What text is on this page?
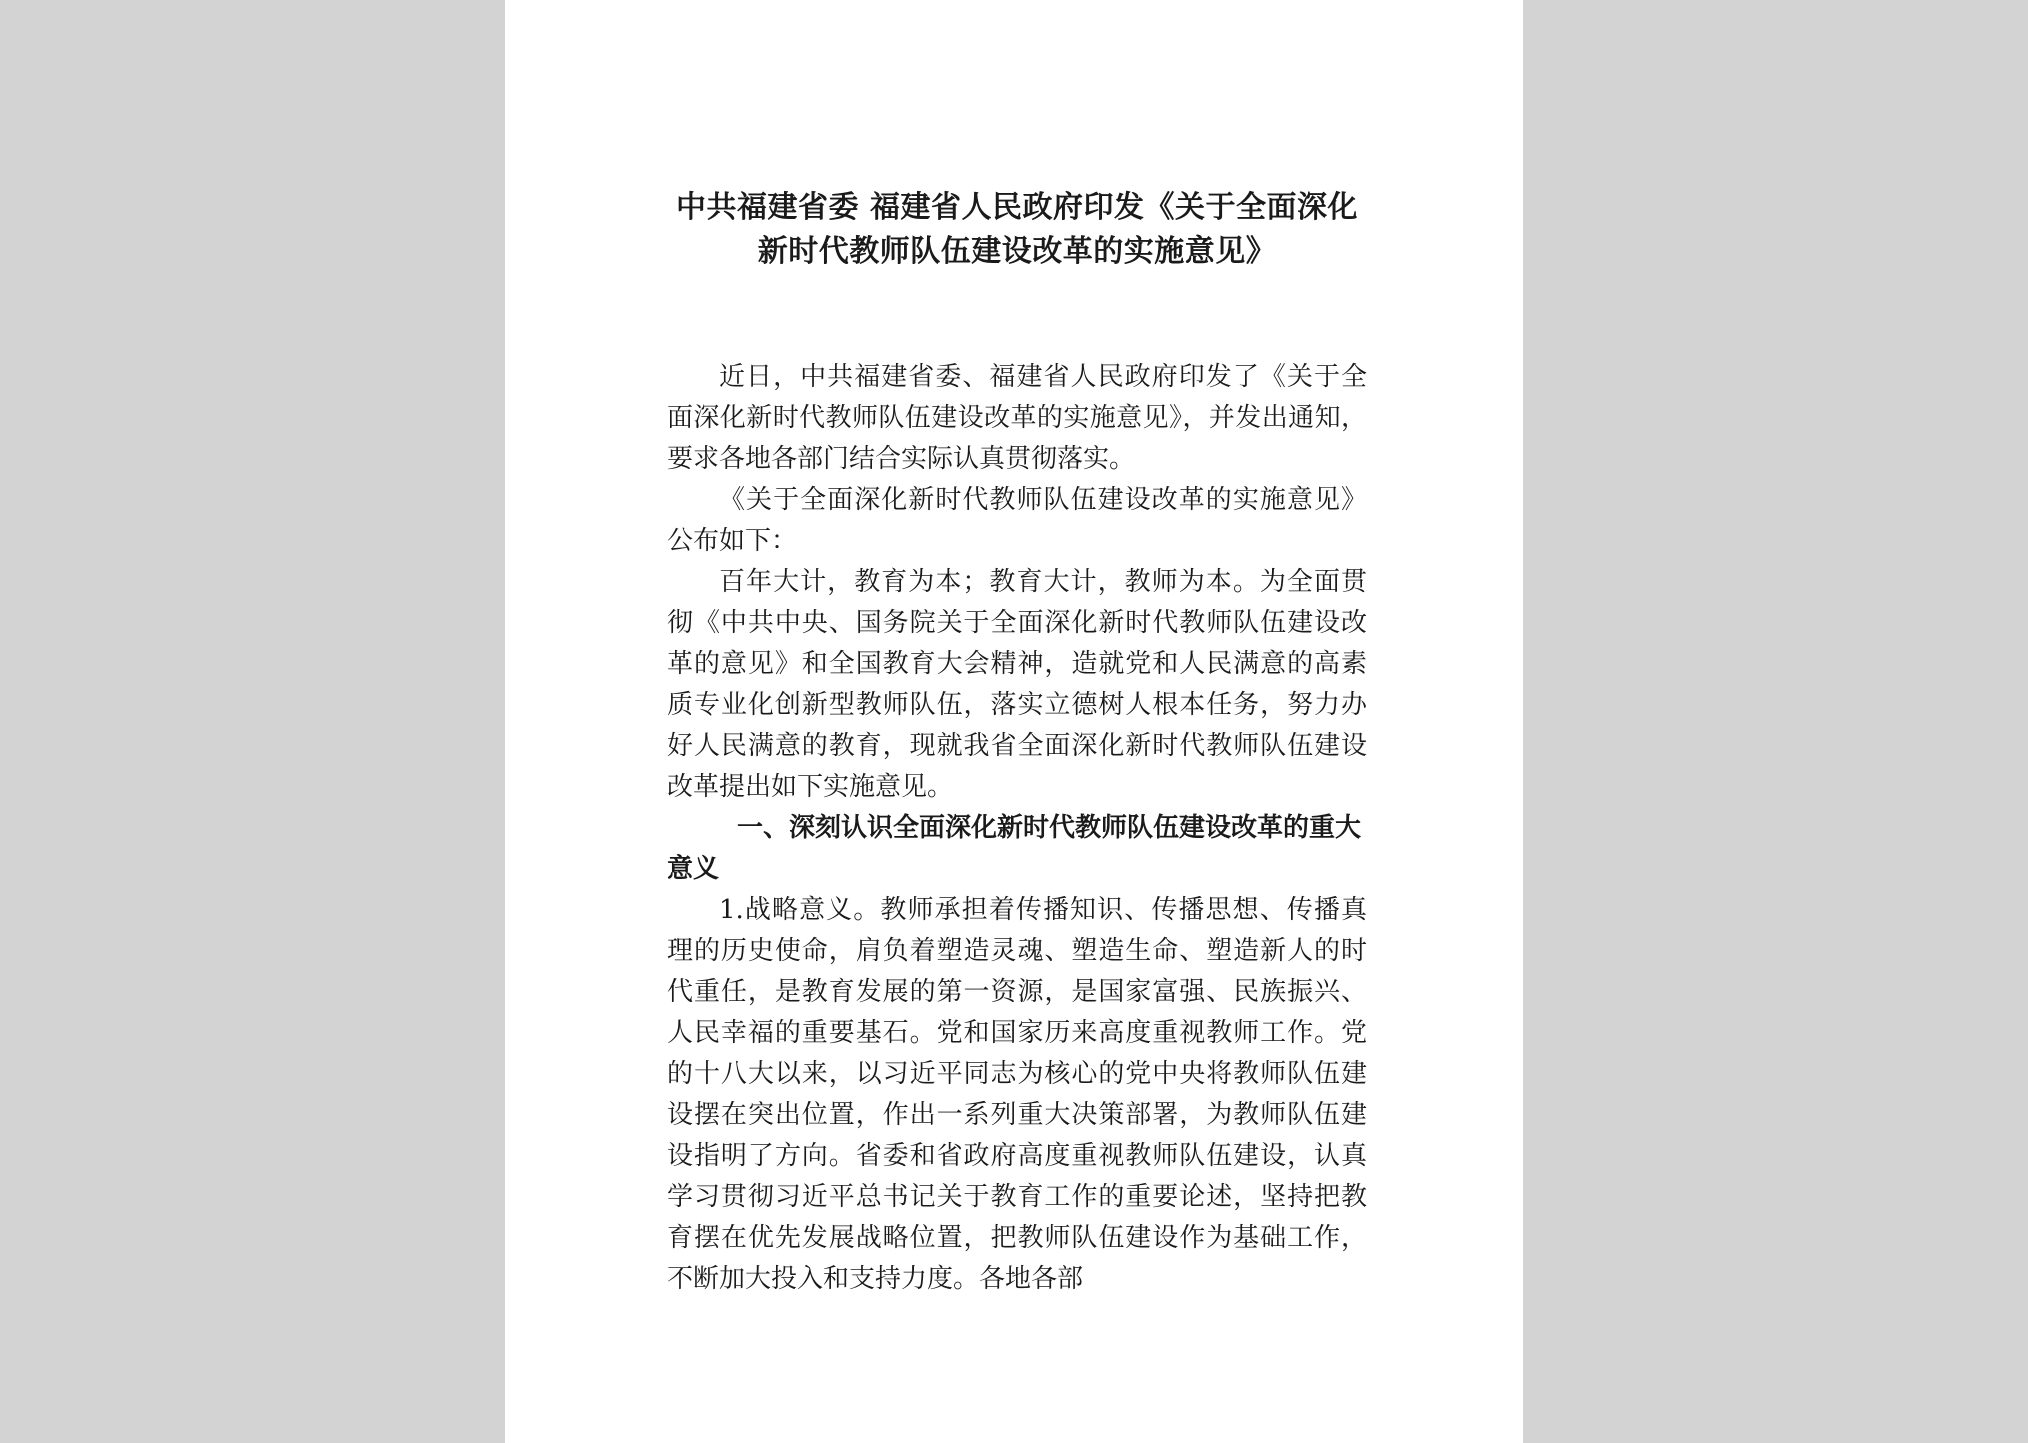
中共福建省委 福建省人民政府印发《关于全面深化
新时代教师队伍建设改革的实施意见》

近日，中共福建省委、福建省人民政府印发了《关于全面深化新时代教师队伍建设改革的实施意见》，并发出通知，要求各地各部门结合实际认真贯彻落实。

《关于全面深化新时代教师队伍建设改革的实施意见》公布如下：

百年大计，教育为本；教育大计，教师为本。为全面贯彻《中共中央、国务院关于全面深化新时代教师队伍建设改革的意见》和全国教育大会精神，造就党和人民满意的高素质专业化创新型教师队伍，落实立德树人根本任务，努力办好人民满意的教育，现就我省全面深化新时代教师队伍建设改革提出如下实施意见。

一、深刻认识全面深化新时代教师队伍建设改革的重大意义

1.战略意义。教师承担着传播知识、传播思想、传播真理的历史使命，肩负着塑造灵魂、塑造生命、塑造新人的时代重任，是教育发展的第一资源，是国家富强、民族振兴、人民幸福的重要基石。党和国家历来高度重视教师工作。党的十八大以来，以习近平同志为核心的党中央将教师队伍建设摆在突出位置，作出一系列重大决策部署，为教师队伍建设指明了方向。省委和省政府高度重视教师队伍建设，认真学习贯彻习近平总书记关于教育工作的重要论述，坚持把教育摆在优先发展战略位置，把教师队伍建设作为基础工作，不断加大投入和支持力度。各地各部
